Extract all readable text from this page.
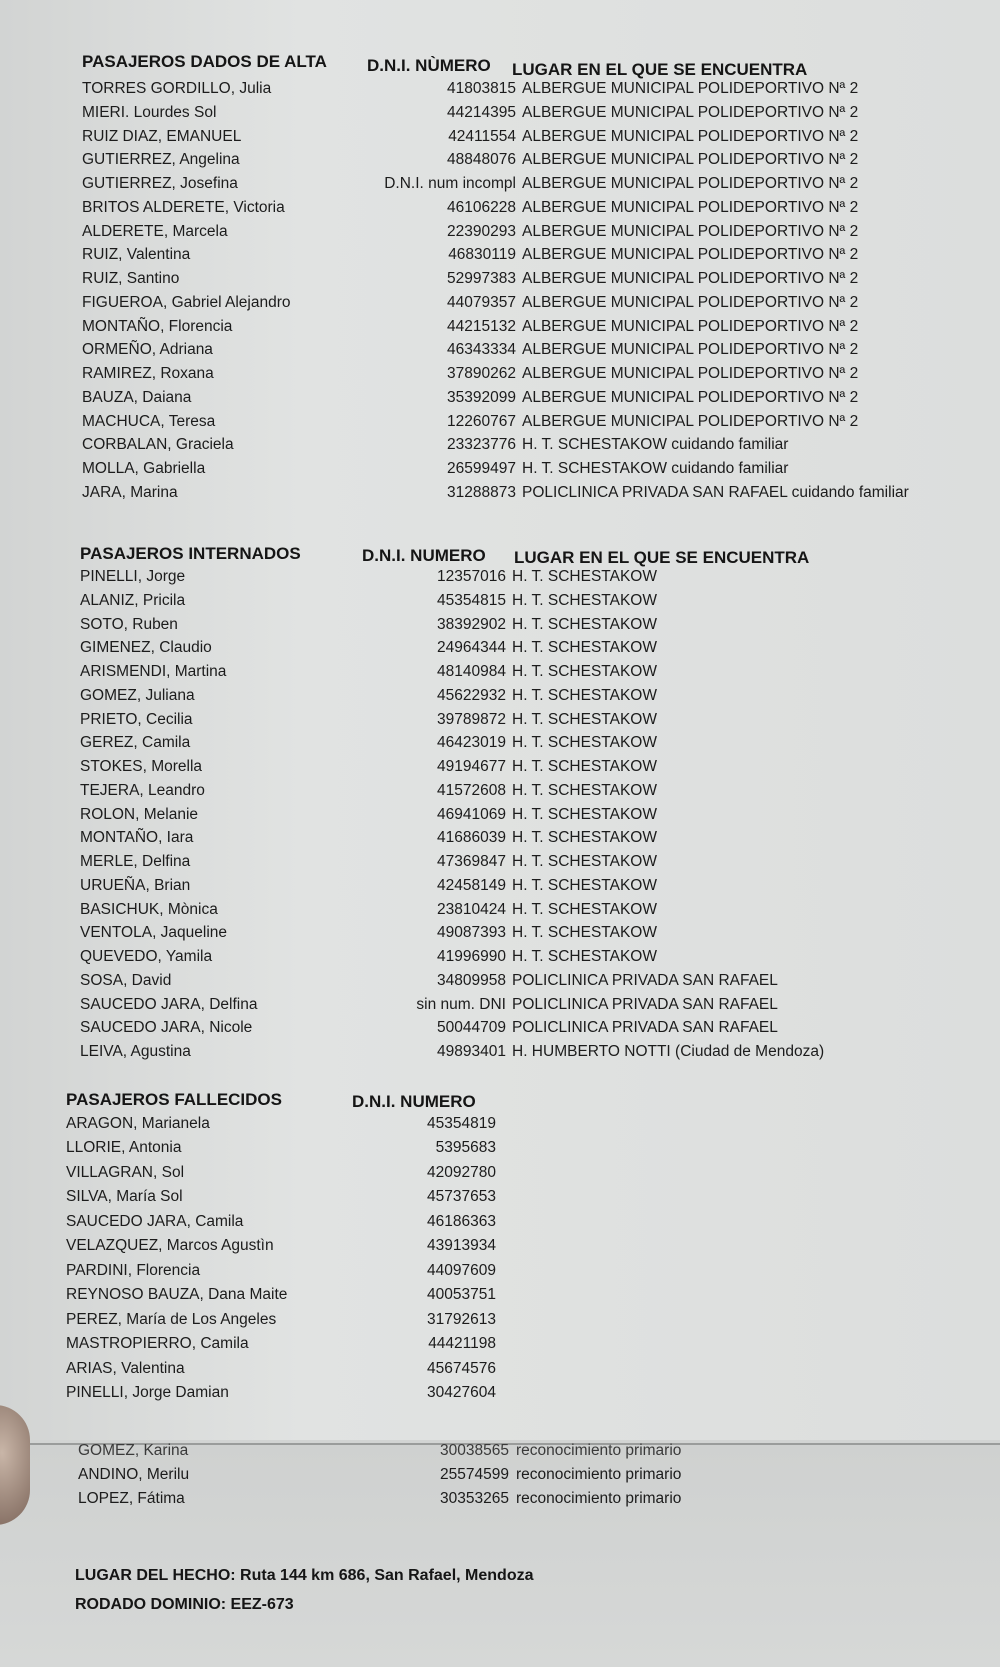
PASAJEROS DADOS DE ALTA D.N.I. NÙMERO LUGAR EN EL QUE SE ENCUENTRA
TORRES GORDILLO, Julia	41803815 ALBERGUE MUNICIPAL POLIDEPORTIVO Nª 2
MIERI. Lourdes Sol	44214395 ALBERGUE MUNICIPAL POLIDEPORTIVO Nª 2
RUIZ DIAZ, EMANUEL	42411554 ALBERGUE MUNICIPAL POLIDEPORTIVO Nª 2
GUTIERREZ, Angelina	48848076 ALBERGUE MUNICIPAL POLIDEPORTIVO Nª 2
GUTIERREZ, Josefina	D.N.I. num incompl ALBERGUE MUNICIPAL POLIDEPORTIVO Nª 2
BRITOS ALDERETE, Victoria	46106228 ALBERGUE MUNICIPAL POLIDEPORTIVO Nª 2
ALDERETE, Marcela	22390293 ALBERGUE MUNICIPAL POLIDEPORTIVO Nª 2
RUIZ, Valentina	46830119 ALBERGUE MUNICIPAL POLIDEPORTIVO Nª 2
RUIZ, Santino	52997383 ALBERGUE MUNICIPAL POLIDEPORTIVO Nª 2
FIGUEROA, Gabriel Alejandro	44079357 ALBERGUE MUNICIPAL POLIDEPORTIVO Nª 2
MONTAÑO, Florencia	44215132 ALBERGUE MUNICIPAL POLIDEPORTIVO Nª 2
ORMEÑO, Adriana	46343334 ALBERGUE MUNICIPAL POLIDEPORTIVO Nª 2
RAMIREZ, Roxana	37890262 ALBERGUE MUNICIPAL POLIDEPORTIVO Nª 2
BAUZA, Daiana	35392099 ALBERGUE MUNICIPAL POLIDEPORTIVO Nª 2
MACHUCA, Teresa	12260767 ALBERGUE MUNICIPAL POLIDEPORTIVO Nª 2
CORBALAN, Graciela	23323776 H. T. SCHESTAKOW cuidando familiar
MOLLA, Gabriella	26599497 H. T. SCHESTAKOW cuidando familiar
JARA, Marina	31288873 POLICLINICA PRIVADA SAN RAFAEL cuidando familiar
PASAJEROS INTERNADOS	D.N.I. NUMERO LUGAR EN EL QUE SE ENCUENTRA
PINELLI, Jorge	12357016 H. T. SCHESTAKOW
ALANIZ, Pricila	45354815 H. T. SCHESTAKOW
SOTO, Ruben	38392902 H. T. SCHESTAKOW
GIMENEZ, Claudio	24964344 H. T. SCHESTAKOW
ARISMENDI, Martina	48140984 H. T. SCHESTAKOW
GOMEZ, Juliana	45622932 H. T. SCHESTAKOW
PRIETO, Cecilia	39789872 H. T. SCHESTAKOW
GEREZ, Camila	46423019 H. T. SCHESTAKOW
STOKES, Morella	49194677 H. T. SCHESTAKOW
TEJERA, Leandro	41572608 H. T. SCHESTAKOW
ROLON, Melanie	46941069 H. T. SCHESTAKOW
MONTAÑO, Iara	41686039 H. T. SCHESTAKOW
MERLE, Delfina	47369847 H. T. SCHESTAKOW
URUEÑA, Brian	42458149 H. T. SCHESTAKOW
BASICHUK, Mònica	23810424 H. T. SCHESTAKOW
VENTOLA, Jaqueline	49087393 H. T. SCHESTAKOW
QUEVEDO, Yamila	41996990 H. T. SCHESTAKOW
SOSA, David	34809958 POLICLINICA PRIVADA SAN RAFAEL
SAUCEDO JARA, Delfina	sin num. DNI POLICLINICA PRIVADA SAN RAFAEL
SAUCEDO JARA, Nicole	50044709 POLICLINICA PRIVADA SAN RAFAEL
LEIVA, Agustina	49893401 H. HUMBERTO NOTTI (Ciudad de Mendoza)
PASAJEROS FALLECIDOS	D.N.I. NUMERO
ARAGON, Marianela	45354819
LLORIE, Antonia	5395683
VILLAGRAN, Sol	42092780
SILVA, María Sol	45737653
SAUCEDO JARA, Camila	46186363
VELAZQUEZ, Marcos Agustìn	43913934
PARDINI, Florencia	44097609
REYNOSO BAUZA, Dana Maite	40053751
PEREZ, María de Los Angeles	31792613
MASTROPIERRO, Camila	44421198
ARIAS, Valentina	45674576
PINELLI, Jorge Damian	30427604
GOMEZ, Karina	30038565 reconocimiento primario
ANDINO, Merilu	25574599 reconocimiento primario
LOPEZ, Fátima	30353265 reconocimiento primario
LUGAR DEL HECHO: Ruta 144 km 686, San Rafael, Mendoza
RODADO DOMINIO: EEZ-673
